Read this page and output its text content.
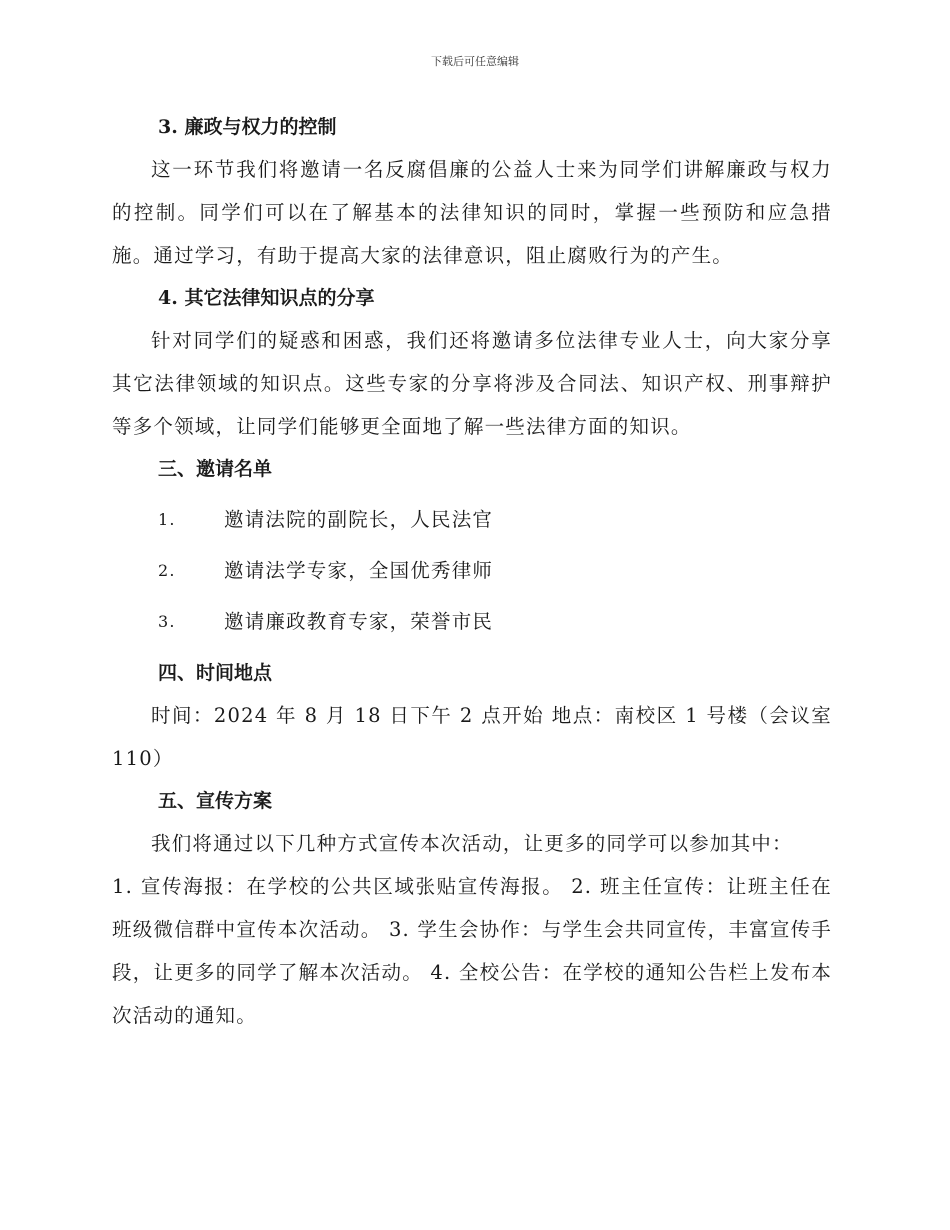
下载后可任意编辑

3. 廉政与权力的控制

这一环节我们将邀请一名反腐倡廉的公益人士来为同学们讲解廉政与权力的控制。同学们可以在了解基本的法律知识的同时，掌握一些预防和应急措施。通过学习，有助于提高大家的法律意识，阻止腐败行为的产生。

4. 其它法律知识点的分享

针对同学们的疑惑和困惑，我们还将邀请多位法律专业人士，向大家分享其它法律领域的知识点。这些专家的分享将涉及合同法、知识产权、刑事辩护等多个领域，让同学们能够更全面地了解一些法律方面的知识。

三、邀请名单

1.	邀请法院的副院长，人民法官
2.	邀请法学专家，全国优秀律师
3.	邀请廉政教育专家，荣誉市民

四、时间地点

时间：2024 年 8 月 18 日下午 2 点开始 地点：南校区 1 号楼（会议室 110）

五、宣传方案

我们将通过以下几种方式宣传本次活动，让更多的同学可以参加其中：

1. 宣传海报：在学校的公共区域张贴宣传海报。 2. 班主任宣传：让班主任在班级微信群中宣传本次活动。 3. 学生会协作：与学生会共同宣传，丰富宣传手段，让更多的同学了解本次活动。 4. 全校公告：在学校的通知公告栏上发布本次活动的通知。
